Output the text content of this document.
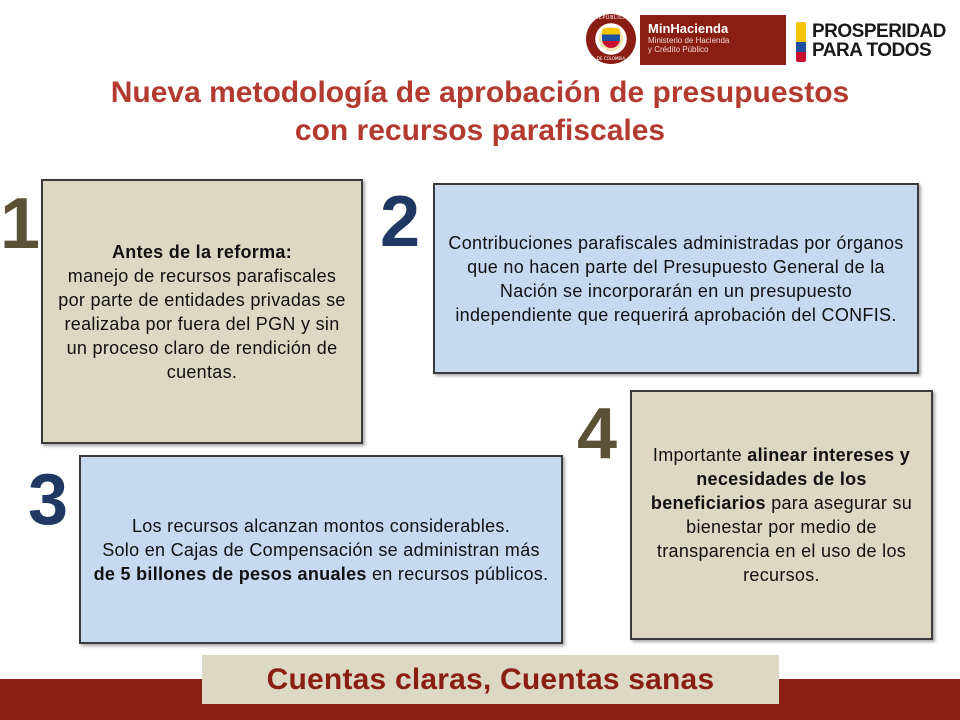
REPÚBLICA
DE COLOMBIA
MinHacienda
Ministerio de Hacienda
y Crédito Público
PROSPERIDAD
PARA TODOS
Nueva metodología de aprobación de presupuestos
con recursos parafiscales
Antes de la reforma:
manejo de recursos parafiscales por parte de entidades privadas se realizaba por fuera del PGN y sin un proceso claro de rendición de cuentas.
1	Contribuciones parafiscales administradas por órganos que no hacen parte del Presupuesto General de la Nación se incorporarán en un presupuesto independiente que requerirá aprobación del CONFIS.
2
Los recursos alcanzan montos considerables.
Solo en Cajas de Compensación se administran más de 5 billones de pesos anuales en recursos públicos.
3
Importante alinear intereses y necesidades de los beneficiarios para asegurar su bienestar por medio de transparencia en el uso de los recursos.
4
Cuentas claras, Cuentas sanas
